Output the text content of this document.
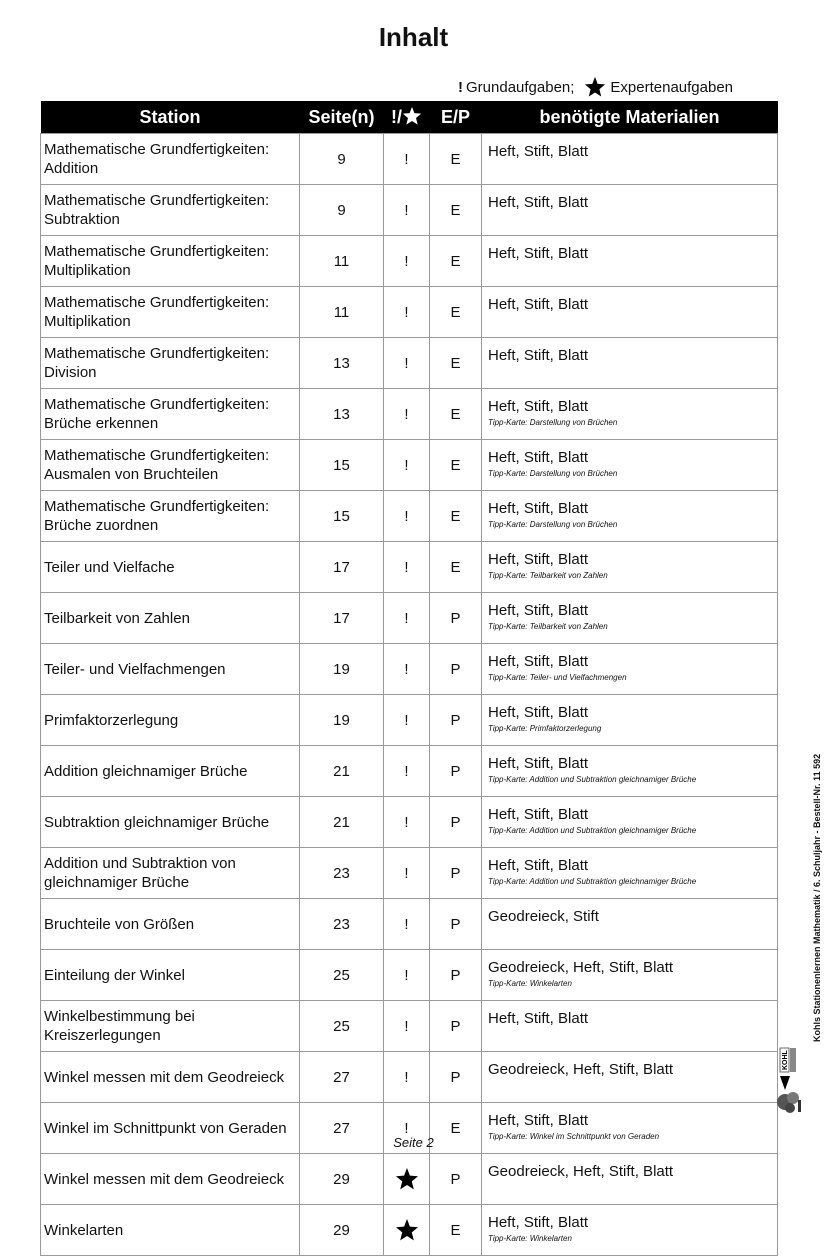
Inhalt
! Grundaufgaben; Expertenaufgaben
Station	Seite(n)	!/	E/P	benötigte Materialien
Mathematische Grundfertigkeiten: Addition	9	!	E	Heft, Stift, Blatt

Mathematische Grundfertigkeiten: Subtraktion	9	!	E	Heft, Stift, Blatt

Mathematische Grundfertigkeiten: Multiplikation	11	!	E	Heft, Stift, Blatt

Mathematische Grundfertigkeiten: Multiplikation	11	!	E	Heft, Stift, Blatt

Mathematische Grundfertigkeiten: Division	13	!	E	Heft, Stift, Blatt

Mathematische Grundfertigkeiten: Brüche erkennen	13	!	E	Heft, Stift, Blatt
Tipp-Karte: Darstellung von Brüchen

Mathematische Grundfertigkeiten: Ausmalen von Bruchteilen	15	!	E	Heft, Stift, Blatt
Tipp-Karte: Darstellung von Brüchen

Mathematische Grundfertigkeiten: Brüche zuordnen	15	!	E	Heft, Stift, Blatt
Tipp-Karte: Darstellung von Brüchen

Teiler und Vielfache	17	!	E	Heft, Stift, Blatt
Tipp-Karte: Teilbarkeit von Zahlen

Teilbarkeit von Zahlen	17	!	P	Heft, Stift, Blatt
Tipp-Karte: Teilbarkeit von Zahlen

Teiler- und Vielfachmengen	19	!	P	Heft, Stift, Blatt
Tipp-Karte: Teiler- und Vielfachmengen

Primfaktorzerlegung	19	!	P	Heft, Stift, Blatt
Tipp-Karte: Primfaktorzerlegung

Addition gleichnamiger Brüche	21	!	P	Heft, Stift, Blatt
Tipp-Karte: Addition und Subtraktion gleichnamiger Brüche

Subtraktion gleichnamiger Brüche	21	!	P	Heft, Stift, Blatt
Tipp-Karte: Addition und Subtraktion gleichnamiger Brüche

Addition und Subtraktion von gleichnamiger Brüche	23	!	P	Heft, Stift, Blatt
Tipp-Karte: Addition und Subtraktion gleichnamiger Brüche

Bruchteile von Größen	23	!	P	Geodreieck, Stift

Einteilung der Winkel	25	!	P	Geodreieck, Heft, Stift, Blatt
Tipp-Karte: Winkelarten

Winkelbestimmung bei Kreiszerlegungen	25	!	P	Heft, Stift, Blatt

Winkel messen mit dem Geodreieck	27	!	P	Geodreieck, Heft, Stift, Blatt

Winkel im Schnittpunkt von Geraden	27	!	E	Heft, Stift, Blatt
Tipp-Karte: Winkel im Schnittpunkt von Geraden

Winkel messen mit dem Geodreieck	29		P	Geodreieck, Heft, Stift, Blatt

Winkelarten	29		E	Heft, Stift, Blatt
Tipp-Karte: Winkelarten
KOHL
Kohls Stationenlernen Mathematik / 6. Schuljahr - Bestell-Nr. 11 592
Seite 2
